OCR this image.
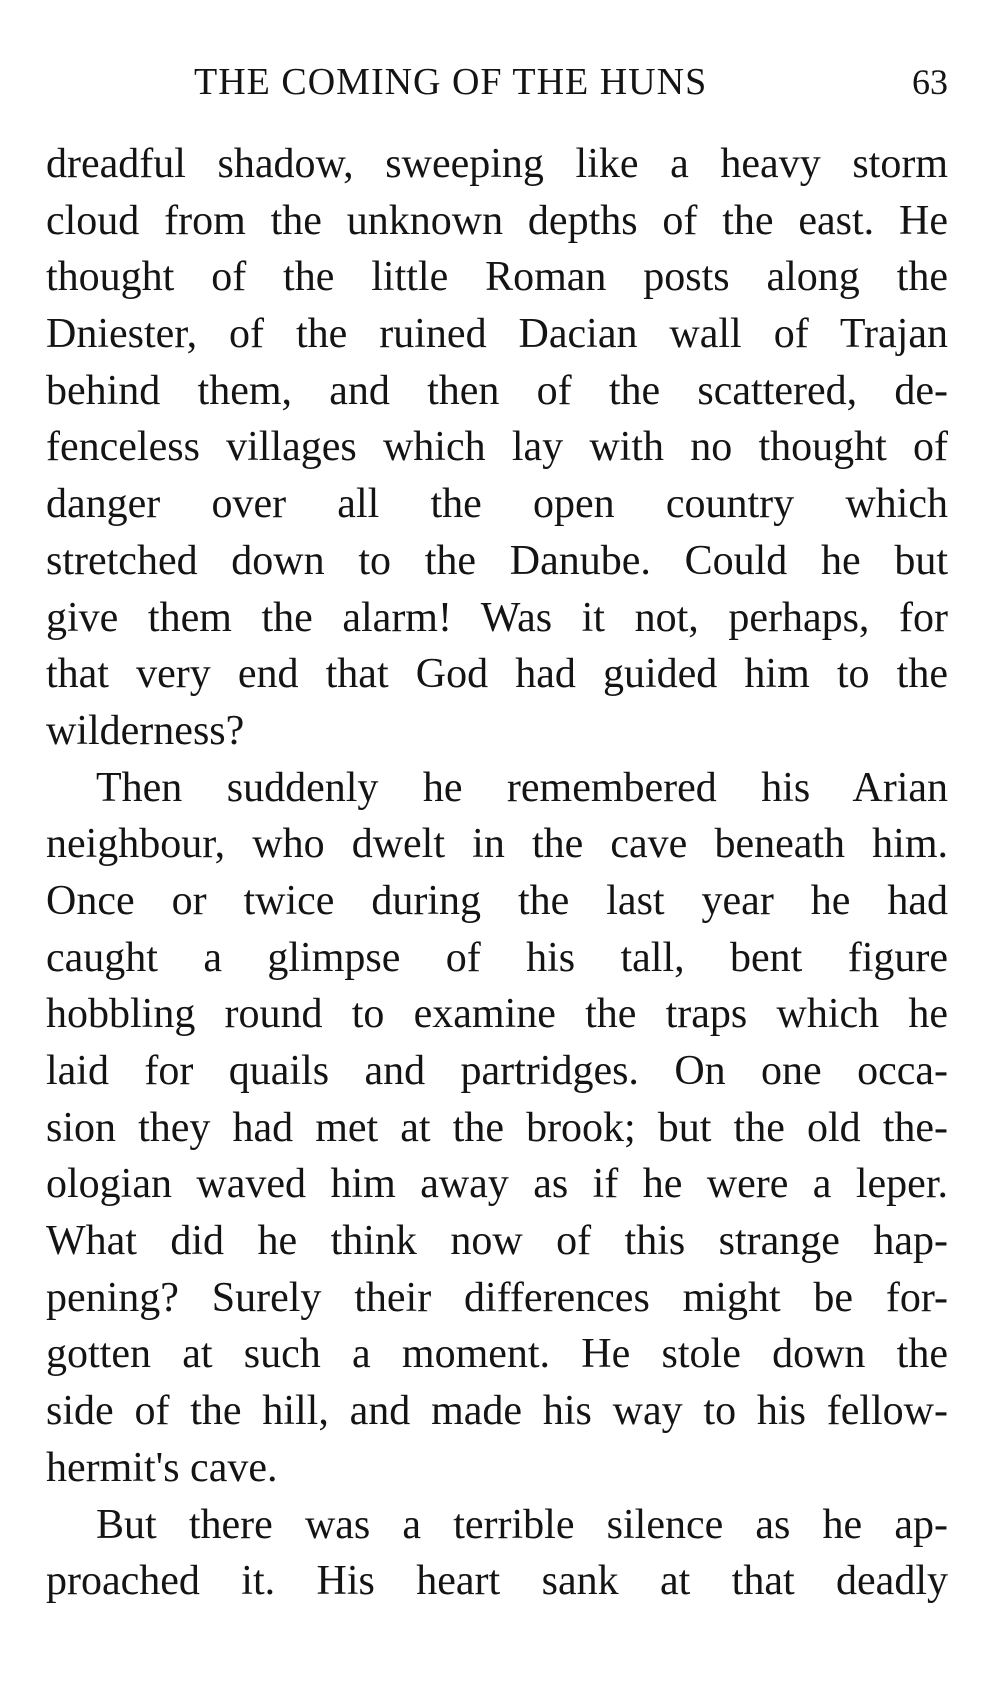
THE COMING OF THE HUNS	63
dreadful shadow, sweeping like a heavy storm
cloud from the unknown depths of the east. He
thought of the little Roman posts along the
Dniester, of the ruined Dacian wall of Trajan
behind them, and then of the scattered, de-
fenceless villages which lay with no thought of
danger over all the open country which
stretched down to the Danube. Could he but
give them the alarm! Was it not, perhaps, for
that very end that God had guided him to the
wilderness?
Then suddenly he remembered his Arian
neighbour, who dwelt in the cave beneath him.
Once or twice during the last year he had
caught a glimpse of his tall, bent figure
hobbling round to examine the traps which he
laid for quails and partridges. On one occa-
sion they had met at the brook; but the old the-
ologian waved him away as if he were a leper.
What did he think now of this strange hap-
pening? Surely their differences might be for-
gotten at such a moment. He stole down the
side of the hill, and made his way to his fellow-
hermit's cave.
But there was a terrible silence as he ap-
proached it. His heart sank at that deadly
